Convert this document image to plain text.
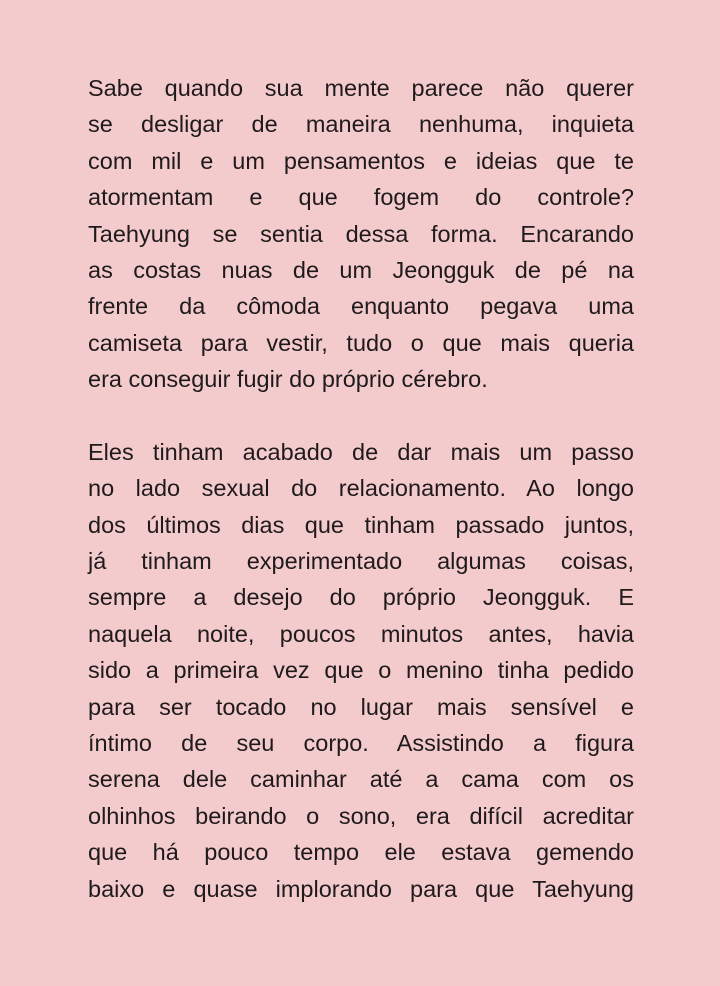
Sabe quando sua mente parece não querer
se desligar de maneira nenhuma, inquieta
com mil e um pensamentos e ideias que te
atormentam e que fogem do controle?
Taehyung se sentia dessa forma. Encarando
as costas nuas de um Jeongguk de pé na
frente da cômoda enquanto pegava uma
camiseta para vestir, tudo o que mais queria
era conseguir fugir do próprio cérebro.
Eles tinham acabado de dar mais um passo
no lado sexual do relacionamento. Ao longo
dos últimos dias que tinham passado juntos,
já tinham experimentado algumas coisas,
sempre a desejo do próprio Jeongguk. E
naquela noite, poucos minutos antes, havia
sido a primeira vez que o menino tinha pedido
para ser tocado no lugar mais sensível e
íntimo de seu corpo. Assistindo a figura
serena dele caminhar até a cama com os
olhinhos beirando o sono, era difícil acreditar
que há pouco tempo ele estava gemendo
baixo e quase implorando para que Taehyung
